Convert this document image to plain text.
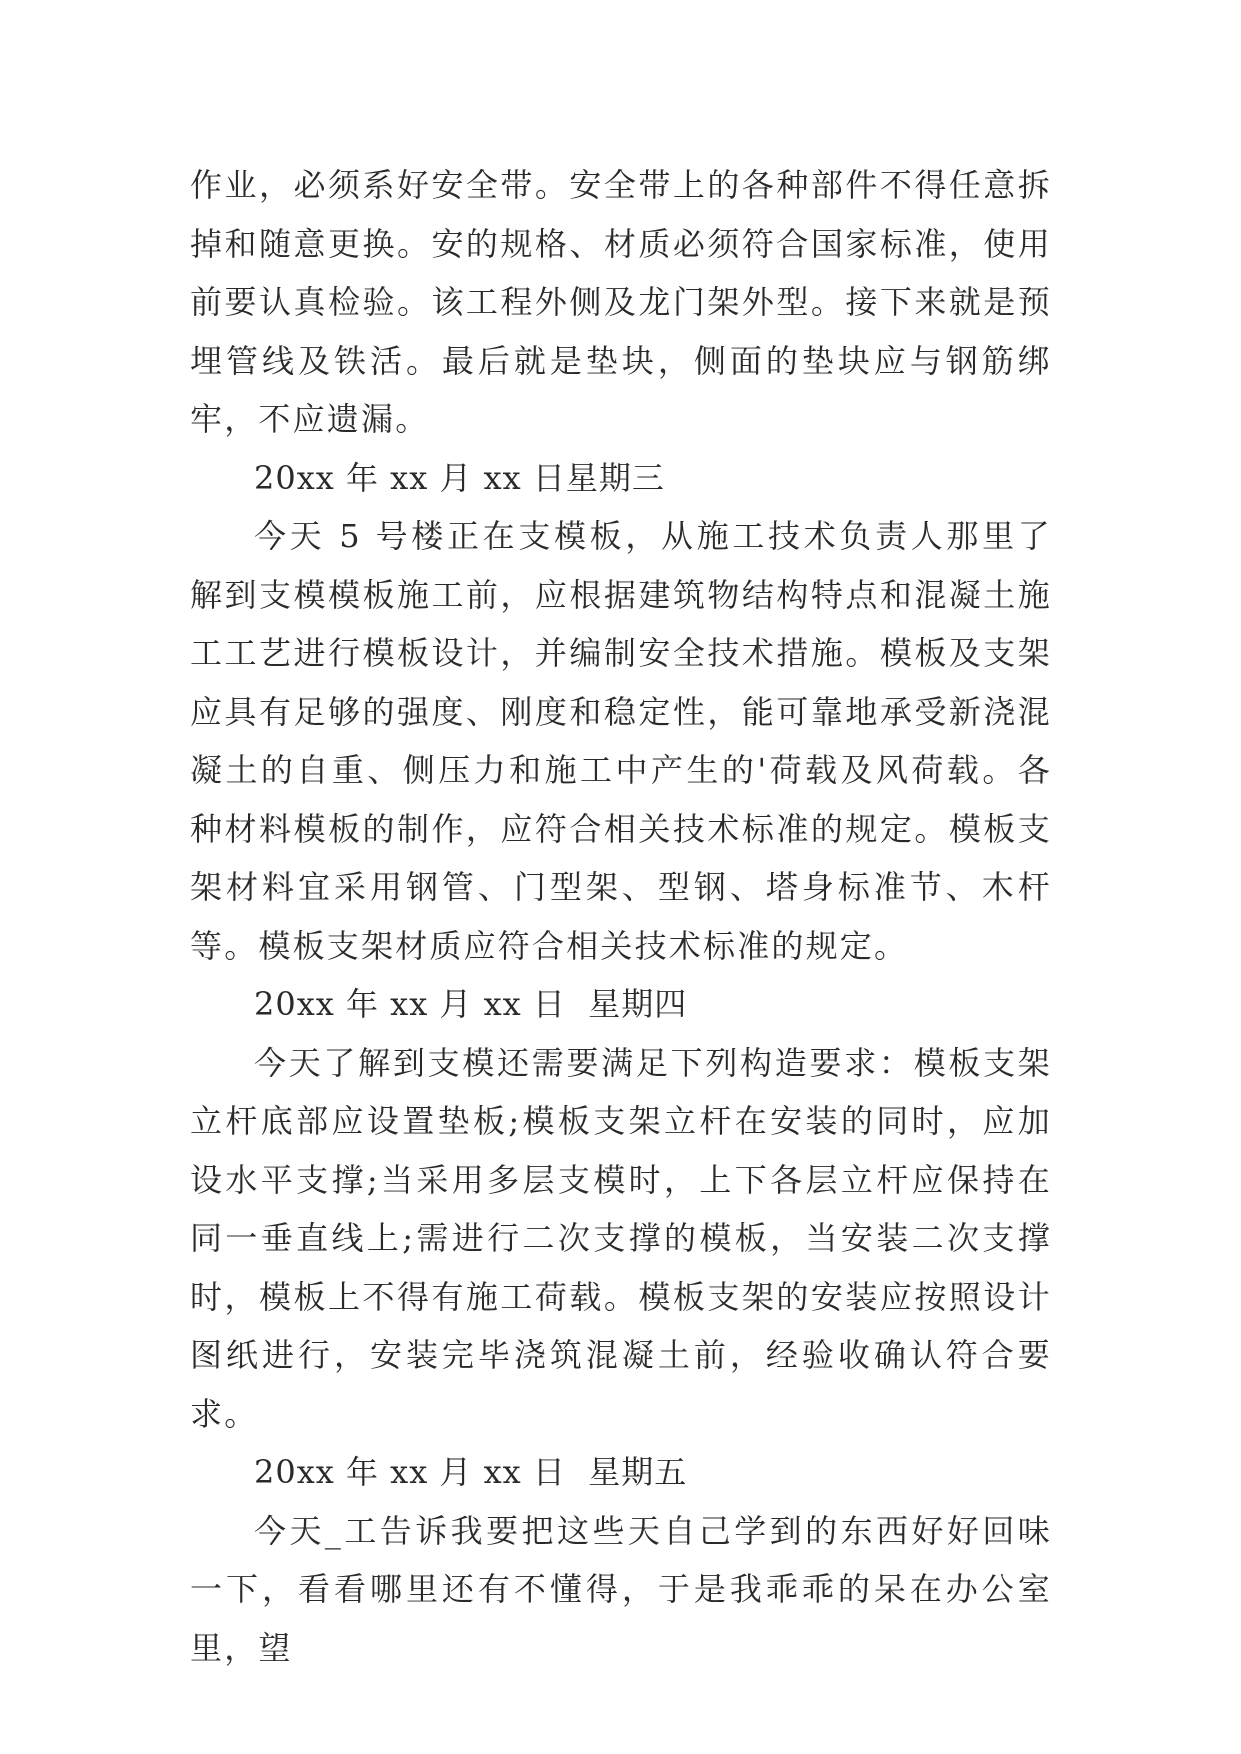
作业，必须系好安全带。安全带上的各种部件不得任意拆掉和随意更换。安的规格、材质必须符合国家标准，使用前要认真检验。该工程外侧及龙门架外型。接下来就是预埋管线及铁活。最后就是垫块，侧面的垫块应与钢筋绑牢，不应遗漏。

20xx 年 xx 月 xx 日星期三

今天 5 号楼正在支模板，从施工技术负责人那里了解到支模模板施工前，应根据建筑物结构特点和混凝土施工工艺进行模板设计，并编制安全技术措施。模板及支架应具有足够的强度、刚度和稳定性，能可靠地承受新浇混凝土的自重、侧压力和施工中产生的'荷载及风荷载。各种材料模板的制作，应符合相关技术标准的规定。模板支架材料宜采用钢管、门型架、型钢、塔身标准节、木杆等。模板支架材质应符合相关技术标准的规定。

20xx 年 xx 月 xx 日  星期四

今天了解到支模还需要满足下列构造要求：模板支架立杆底部应设置垫板;模板支架立杆在安装的同时，应加设水平支撑;当采用多层支模时，上下各层立杆应保持在同一垂直线上;需进行二次支撑的模板，当安装二次支撑时，模板上不得有施工荷载。模板支架的安装应按照设计图纸进行，安装完毕浇筑混凝土前，经验收确认符合要求。

20xx 年 xx 月 xx 日  星期五

今天_工告诉我要把这些天自己学到的东西好好回味一下，看看哪里还有不懂得，于是我乖乖的呆在办公室里，望
